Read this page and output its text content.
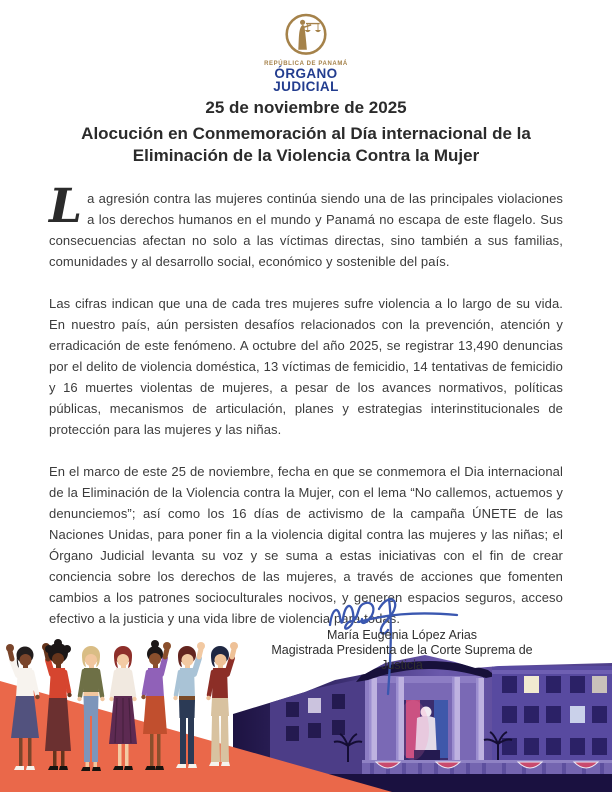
REPÚBLICA DE PANAMÁ
ÓRGANO
JUDICIAL
25 de noviembre de 2025
Alocución en Conmemoración al Día internacional de la Eliminación de la Violencia Contra la Mujer

La agresión contra las mujeres continúa siendo una de las principales violaciones a los derechos humanos en el mundo y Panamá no escapa de este flagelo. Sus consecuencias afectan no solo a las víctimas directas, sino también a sus familias, comunidades y al desarrollo social, económico y sostenible del país.

Las cifras indican que una de cada tres mujeres sufre violencia a lo largo de su vida. En nuestro país, aún persisten desafíos relacionados con la prevención, atención y erradicación de este fenómeno. A octubre del año 2025, se registrar 13,490 denuncias por el delito de violencia doméstica, 13 víctimas de femicidio, 14 tentativas de femicidio y 16 muertes violentas de mujeres, a pesar de los avances normativos, políticas públicas, mecanismos de articulación, planes y estrategias interinstitucionales de protección para las mujeres y las niñas.

En el marco de este 25 de noviembre, fecha en que se conmemora el Dia internacional de la Eliminación de la Violencia contra la Mujer, con el lema “No callemos, actuemos y denunciemos”; así como los 16 días de activismo de la campaña ÚNETE de las Naciones Unidas, para poner fin a la violencia digital contra las mujeres y las niñas; el Órgano Judicial levanta su voz y se suma a estas iniciativas con el fin de crear conciencia sobre los derechos de las mujeres, a través de acciones que fomenten cambios a los patrones socioculturales nocivos, y generen espacios seguros, acceso efectivo a la justicia y una vida libre de violencia para todas.

María Eugenia López Arias
Magistrada Presidenta de la Corte Suprema de Justicia
